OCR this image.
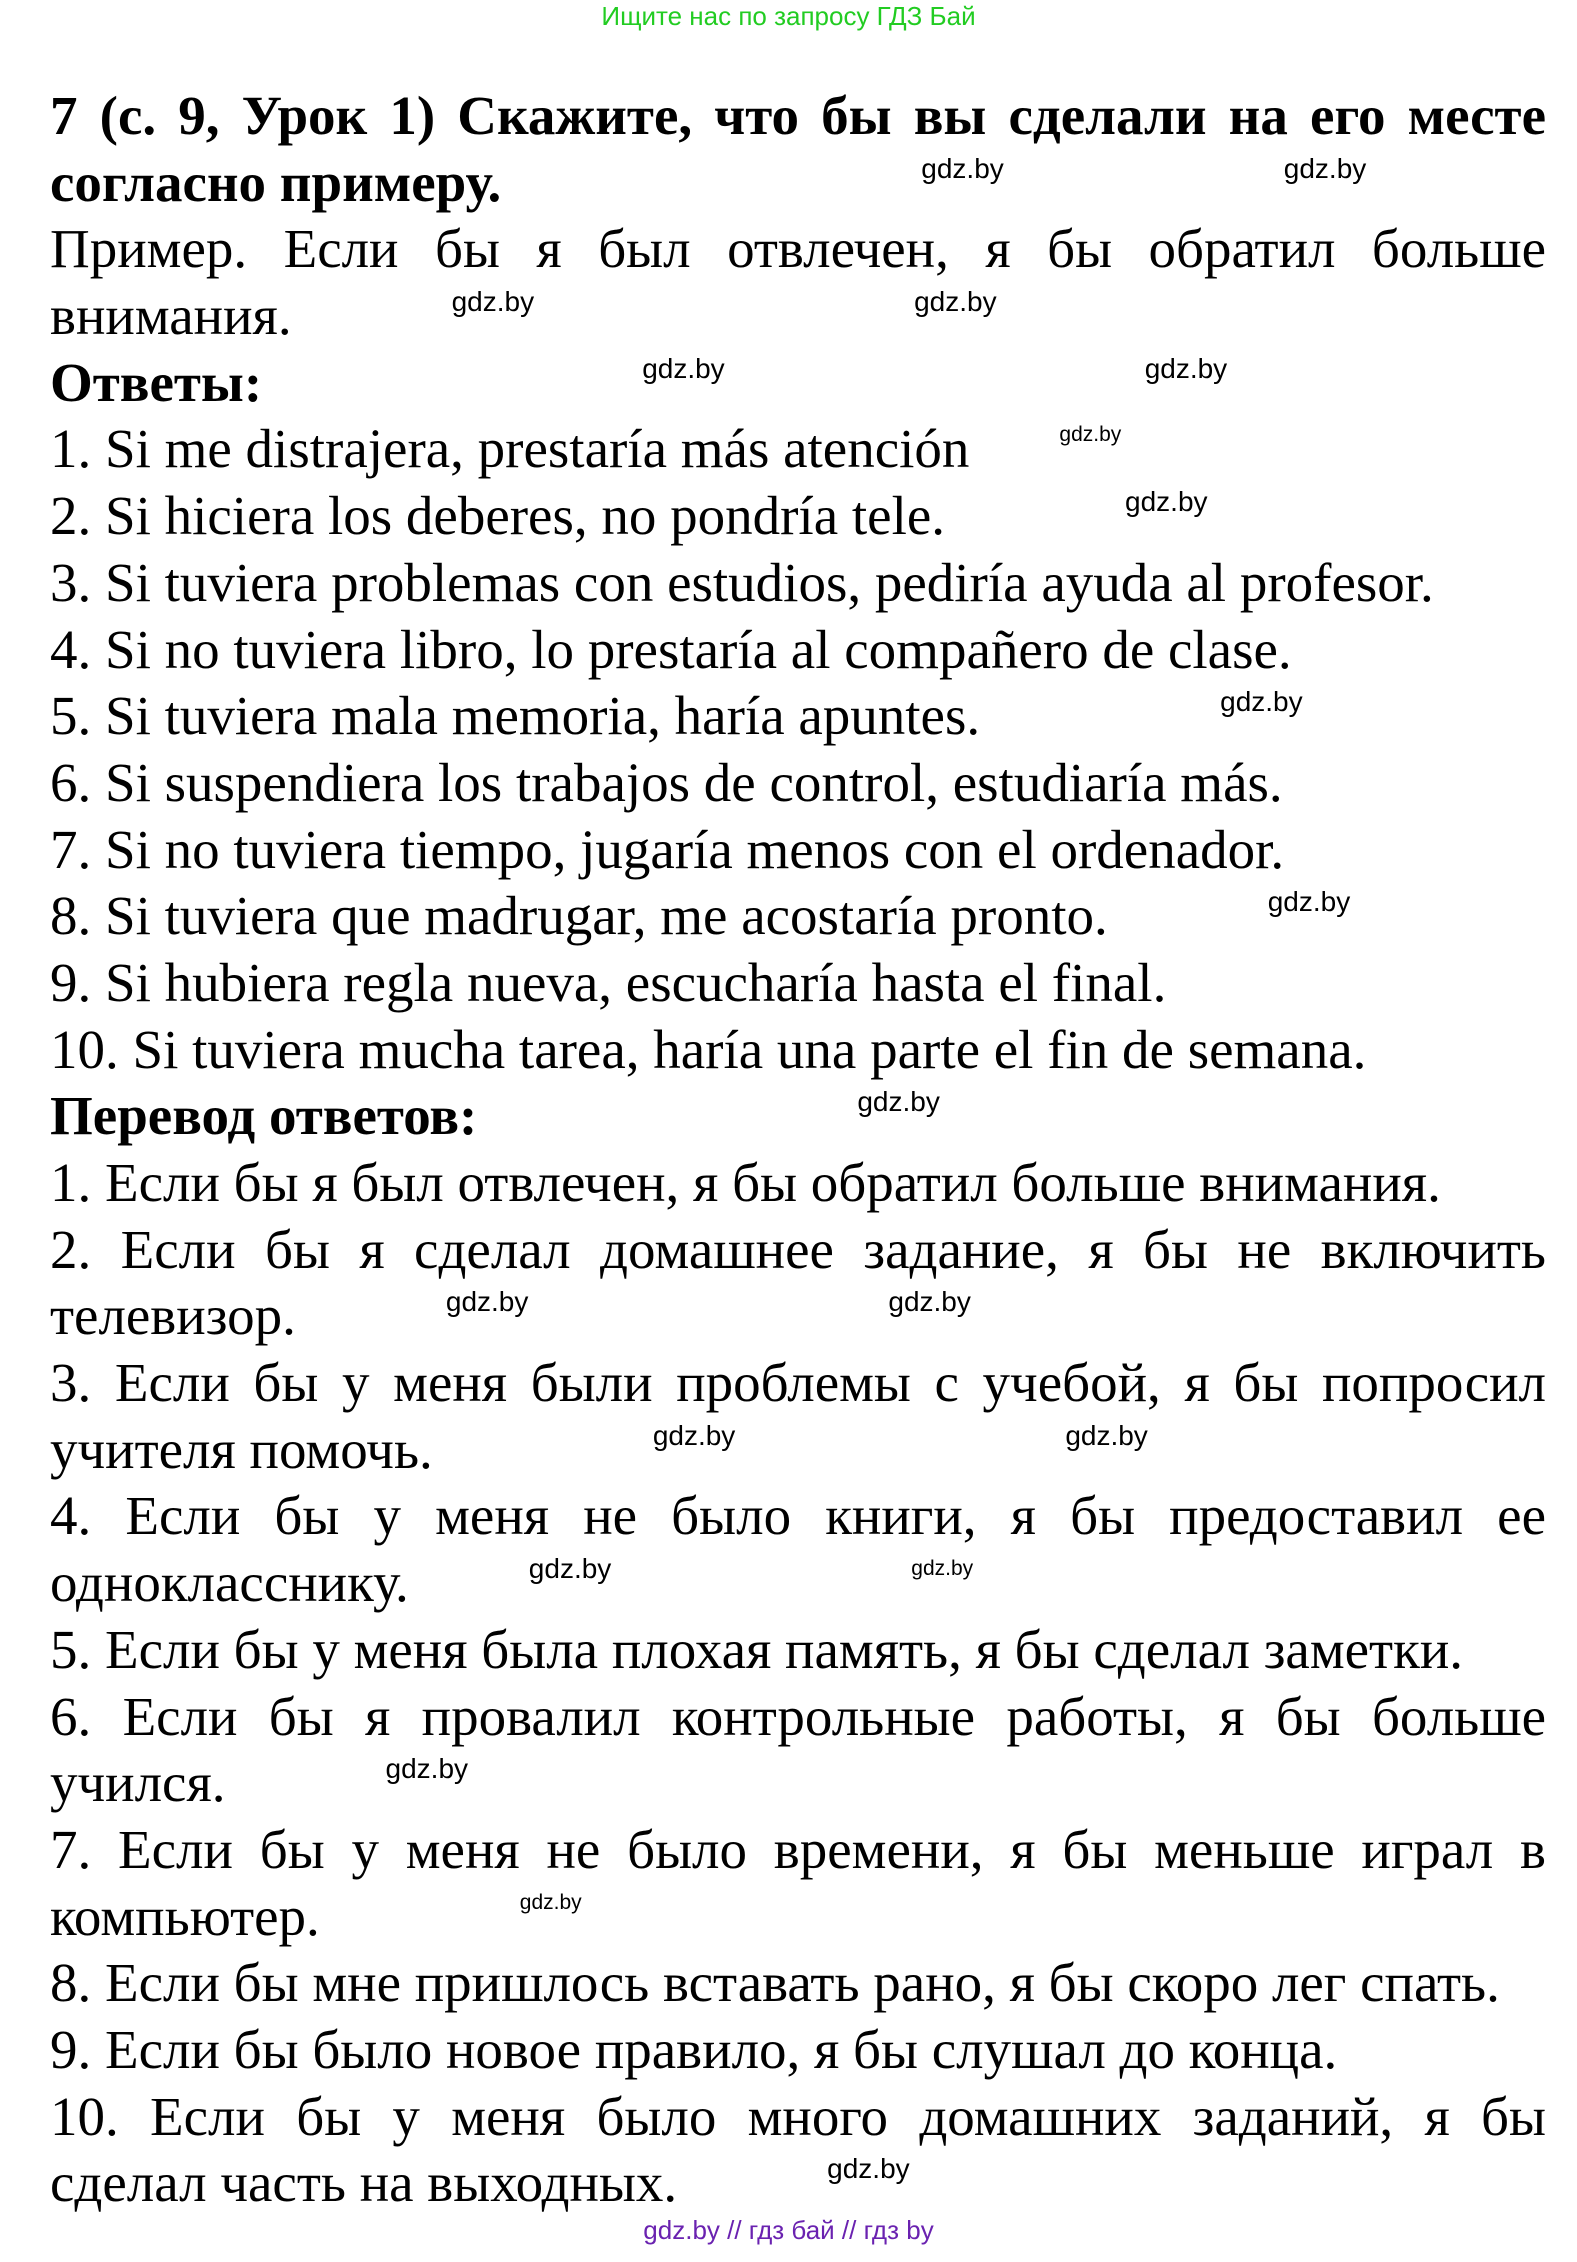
Ищите нас по запросу ГДЗ Бай
7 (с. 9, Урок 1) Скажите, что бы вы сделали на его месте
согласно примеру.	gdz.by	gdz.by
Пример. Если бы я был отвлечен, я бы обратил больше
внимания.	gdz.by	gdz.by
Ответы:	gdz.by	gdz.by
1. Si me distrajera, prestaría más atención	gdz.by
2. Si hiciera los deberes, no pondría tele.	gdz.by
3. Si tuviera problemas con estudios, pediría ayuda al profesor.
4. Si no tuviera libro, lo prestaría al compañero de clase.
5. Si tuviera mala memoria, haría apuntes.	gdz.by
6. Si suspendiera los trabajos de control, estudiaría más.
7. Si no tuviera tiempo, jugaría menos con el ordenador.
8. Si tuviera que madrugar, me acostaría pronto.	gdz.by
9. Si hubiera regla nueva, escucharía hasta el final.
10. Si tuviera mucha tarea, haría una parte el fin de semana.
Перевод ответов:	gdz.by
1. Если бы я был отвлечен, я бы обратил больше внимания.
2. Если бы я сделал домашнее задание, я бы не включить
телевизор.	gdz.by	gdz.by
3. Если бы у меня были проблемы с учебой, я бы попросил
учителя помочь.	gdz.by	gdz.by
4. Если бы у меня не было книги, я бы предоставил ее
однокласснику.	gdz.by	gdz.by
5. Если бы у меня была плохая память, я бы сделал заметки.
6. Если бы я провалил контрольные работы, я бы больше
учился.	gdz.by
7. Если бы у меня не было времени, я бы меньше играл в
компьютер.	gdz.by
8. Если бы мне пришлось вставать рано, я бы скоро лег спать.
9. Если бы было новое правило, я бы слушал до конца.
10. Если бы у меня было много домашних заданий, я бы
сделал часть на выходных.	gdz.by
gdz.by // гдз бай // гдз by
